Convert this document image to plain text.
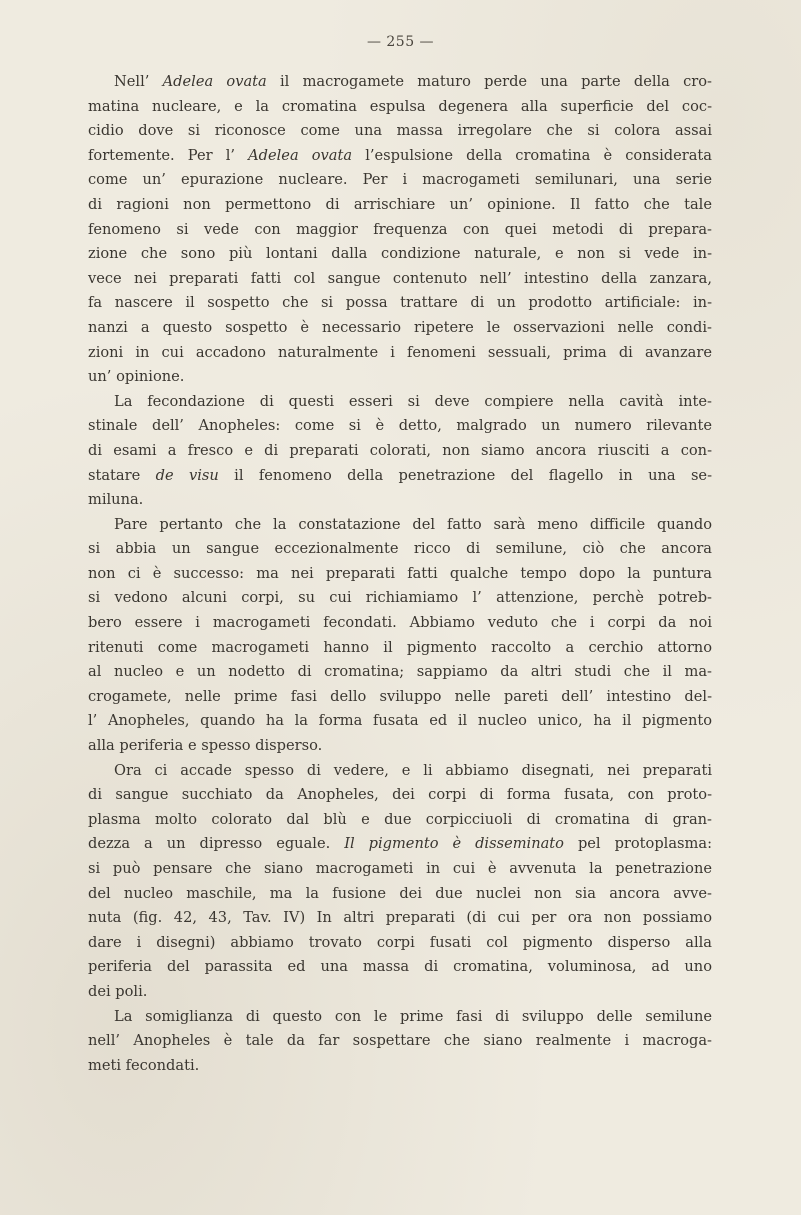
— 255 —

Nell’ Adelea ovata il macrogamete maturo perde una parte della cro-
matina nucleare, e la cromatina espulsa degenera alla superficie del coc-
cidio dove si riconosce come una massa irregolare che si colora assai
fortemente. Per l’ Adelea ovata l’espulsione della cromatina è considerata
come un’ epurazione nucleare. Per i macrogameti semilunari, una serie
di ragioni non permettono di arrischiare un’ opinione. Il fatto che tale
fenomeno si vede con maggior frequenza con quei metodi di prepara-
zione che sono più lontani dalla condizione naturale, e non si vede in-
vece nei preparati fatti col sangue contenuto nell’ intestino della zanzara,
fa nascere il sospetto che si possa trattare di un prodotto artificiale: in-
nanzi a questo sospetto è necessario ripetere le osservazioni nelle condi-
zioni in cui accadono naturalmente i fenomeni sessuali, prima di avanzare
un’ opinione.

La fecondazione di questi esseri si deve compiere nella cavità inte-
stinale dell’ Anopheles: come si è detto, malgrado un numero rilevante
di esami a fresco e di preparati colorati, non siamo ancora riusciti a con-
statare de visu il fenomeno della penetrazione del flagello in una se-
miluna.

Pare pertanto che la constatazione del fatto sarà meno difficile quando
si abbia un sangue eccezionalmente ricco di semilune, ciò che ancora
non ci è successo: ma nei preparati fatti qualche tempo dopo la puntura
si vedono alcuni corpi, su cui richiamiamo l’ attenzione, perchè potreb-
bero essere i macrogameti fecondati. Abbiamo veduto che i corpi da noi
ritenuti come macrogameti hanno il pigmento raccolto a cerchio attorno
al nucleo e un nodetto di cromatina; sappiamo da altri studi che il ma-
crogamete, nelle prime fasi dello sviluppo nelle pareti dell’ intestino del-
l’ Anopheles, quando ha la forma fusata ed il nucleo unico, ha il pigmento
alla periferia e spesso disperso.

Ora ci accade spesso di vedere, e li abbiamo disegnati, nei preparati
di sangue succhiato da Anopheles, dei corpi di forma fusata, con proto-
plasma molto colorato dal blù e due corpicciuoli di cromatina di gran-
dezza a un dipresso eguale. Il pigmento è disseminato pel protoplasma:
si può pensare che siano macrogameti in cui è avvenuta la penetrazione
del nucleo maschile, ma la fusione dei due nuclei non sia ancora avve-
nuta (fig. 42, 43, Tav. IV) In altri preparati (di cui per ora non possiamo
dare i disegni) abbiamo trovato corpi fusati col pigmento disperso alla
periferia del parassita ed una massa di cromatina, voluminosa, ad uno
dei poli.

La somiglianza di questo con le prime fasi di sviluppo delle semilune
nell’ Anopheles è tale da far sospettare che siano realmente i macroga-
meti fecondati.
